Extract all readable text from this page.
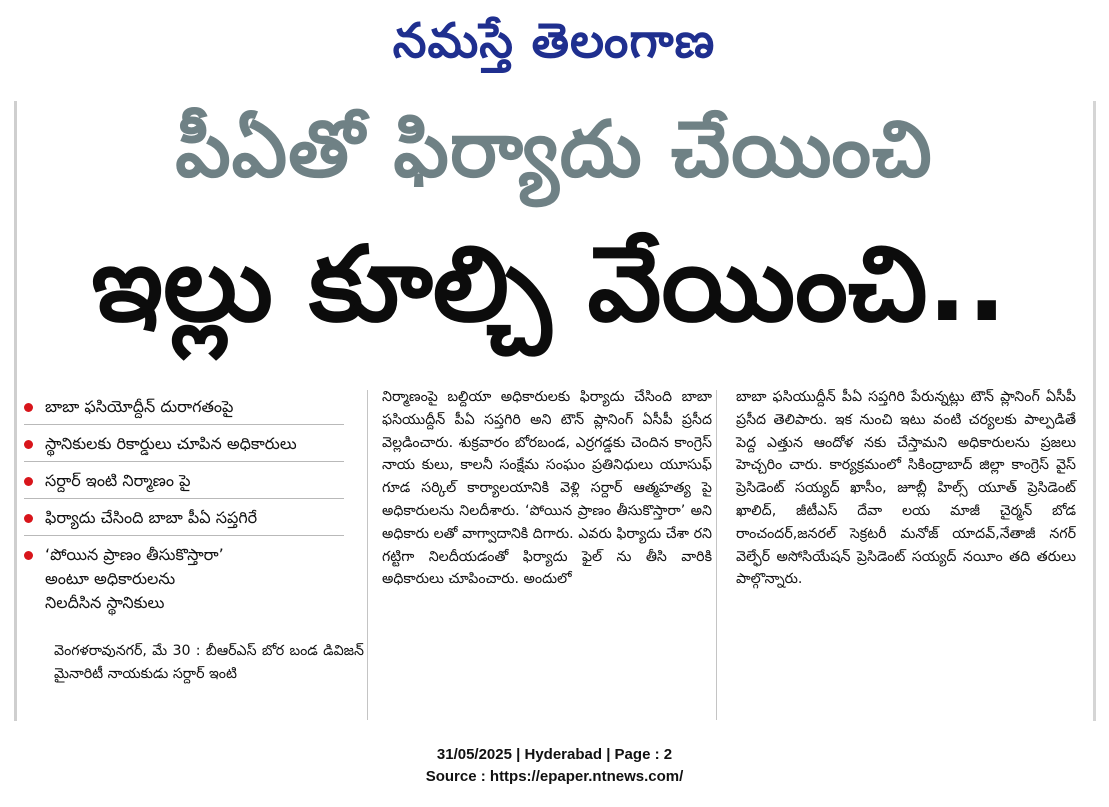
నమస్తే తెలంగాణ
పీఏతో ఫిర్యాదు చేయించి
ఇల్లు కూల్చి వేయించి..
బాబా ఫసియోద్దీన్ దురాగతంపై
స్థానికులకు రికార్డులు చూపిన అధికారులు
సర్దార్ ఇంటి నిర్మాణం పై
ఫిర్యాదు చేసింది బాబా పీఏ సప్తగిరే
‘పోయిన ప్రాణం తీసుకొస్తారా’
అంటూ అధికారులను
నిలదీసిన స్థానికులు
వెంగళరావునగర్, మే 30 : బీఆర్ఎస్ బోర బండ డివిజన్ మైనారిటీ నాయకుడు సర్దార్ ఇంటి
నిర్మాణంపై బల్దియా అధికారులకు ఫిర్యాదు చేసింది బాబా ఫసియుద్దీన్ పీఏ సప్తగిరి అని టౌన్ ప్లానింగ్ ఏసీపీ ప్రసీద వెల్లడించారు. శుక్రవారం బోరబండ, ఎర్రగడ్డకు చెందిన కాంగ్రెస్ నాయ కులు, కాలనీ సంక్షేమ సంఘం ప్రతినిధులు యూసుఫ్ గూడ సర్కిల్ కార్యాలయానికి వెళ్లి సర్దార్ ఆత్మహత్య పై అధికారులను నిలదీశారు. ‘పోయిన ప్రాణం తీసుకొస్తారా’ అని అధికారు లతో వాగ్వాదానికి దిగారు. ఎవరు ఫిర్యాదు చేశా రని గట్టిగా నిలదీయడంతో ఫిర్యాదు ఫైల్ ను తీసి వారికి అధికారులు చూపించారు. అందులో
బాబా ఫసియుద్దీన్ పీఏ సప్తగిరి పేరున్నట్లు టౌన్ ప్లానింగ్ ఏసీపీ ప్రసీద తెలిపారు. ఇక నుంచి ఇటు వంటి చర్యలకు పాల్పడితే పెద్ద ఎత్తున ఆందోళ నకు చేస్తామని అధికారులను ప్రజలు హెచ్చరిం చారు. కార్యక్రమంలో సికింద్రాబాద్ జిల్లా కాంగ్రెస్ వైస్ ప్రెసిడెంట్ సయ్యద్ ఖాసీం, జూబ్లీ హిల్స్ యూత్ ప్రెసిడెంట్ ఖాలిద్, జీటీఎస్ దేవా లయ మాజీ చైర్మన్ బోడ రాంచందర్,జనరల్ సెక్రటరీ మనోజ్ యాదవ్,నేతాజీ నగర్ వెల్ఫేర్ అసోసియేషన్ ప్రెసిడెంట్ సయ్యద్ నయీం తది తరులు పాల్గొన్నారు.
31/05/2025 | Hyderabad | Page : 2
Source : https://epaper.ntnews.com/
